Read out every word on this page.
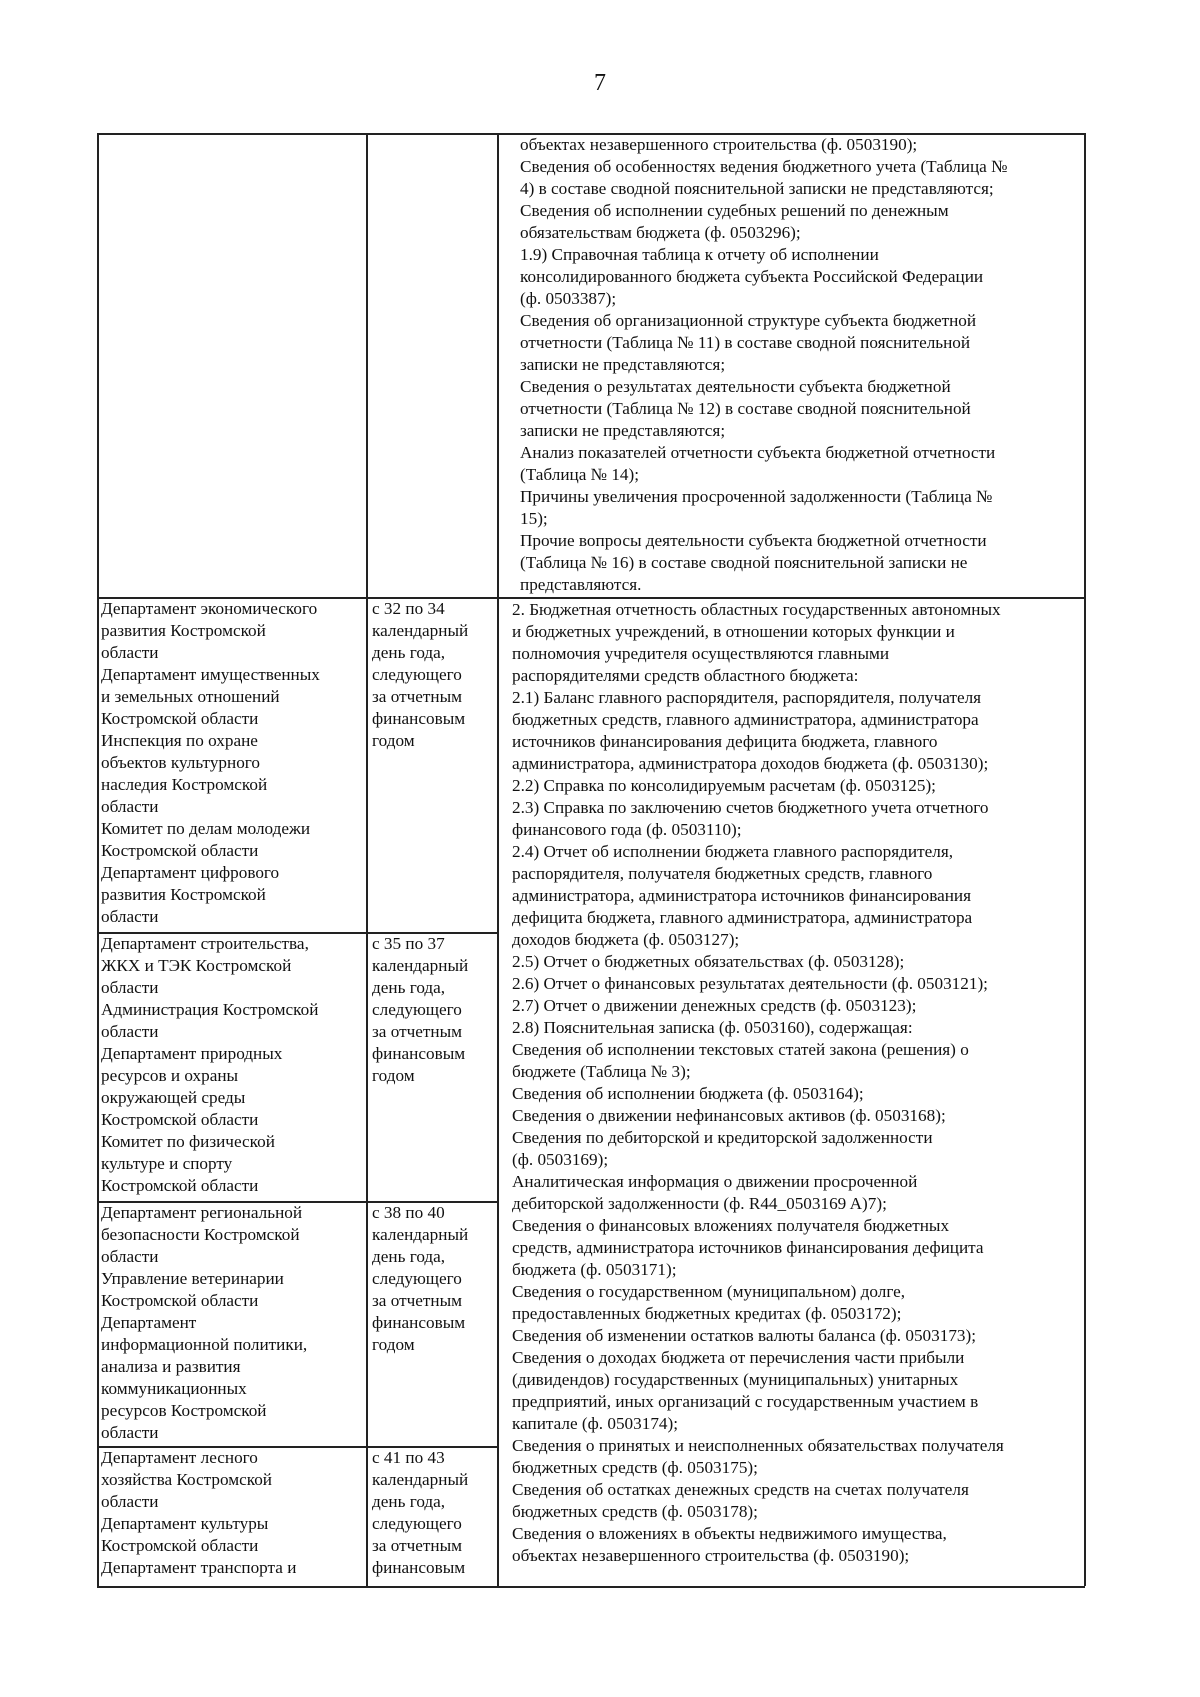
7
объектах незавершенного строительства (ф. 0503190);
Сведения об особенностях ведения бюджетного учета (Таблица №
4) в составе сводной пояснительной записки не представляются;
Сведения об исполнении судебных решений по денежным
обязательствам бюджета (ф. 0503296);
1.9) Справочная таблица к отчету об исполнении
консолидированного бюджета субъекта Российской Федерации
(ф. 0503387);
Сведения об организационной структуре субъекта бюджетной
отчетности (Таблица № 11) в составе сводной пояснительной
записки не представляются;
Сведения о результатах деятельности субъекта бюджетной
отчетности (Таблица № 12) в составе сводной пояснительной
записки не представляются;
Анализ показателей отчетности субъекта бюджетной отчетности
(Таблица № 14);
Причины увеличения просроченной задолженности (Таблица №
15);
Прочие вопросы деятельности субъекта бюджетной отчетности
(Таблица № 16) в составе сводной пояснительной записки не
представляются.
Департамент экономического
развития Костромской
области
Департамент имущественных
и земельных отношений
Костромской области
Инспекция по охране
объектов культурного
наследия Костромской
области
Комитет по делам молодежи
Костромской области
Департамент цифрового
развития Костромской
области
с 32 по 34
календарный
день года,
следующего
за отчетным
финансовым
годом
Департамент строительства,
ЖКХ и ТЭК Костромской
области
Администрация Костромской
области
Департамент природных
ресурсов и охраны
окружающей среды
Костромской области
Комитет по физической
культуре и спорту
Костромской области
с 35 по 37
календарный
день года,
следующего
за отчетным
финансовым
годом
Департамент региональной
безопасности Костромской
области
Управление ветеринарии
Костромской области
Департамент
информационной политики,
анализа и развития
коммуникационных
ресурсов Костромской
области
с 38 по 40
календарный
день года,
следующего
за отчетным
финансовым
годом
Департамент лесного
хозяйства Костромской
области
Департамент культуры
Костромской области
Департамент транспорта и
с 41 по 43
календарный
день года,
следующего
за отчетным
финансовым
2. Бюджетная отчетность областных государственных автономных
и бюджетных учреждений, в отношении которых функции и
полномочия учредителя осуществляются главными
распорядителями средств областного бюджета:
2.1) Баланс главного распорядителя, распорядителя, получателя
бюджетных средств, главного администратора, администратора
источников финансирования дефицита бюджета, главного
администратора, администратора доходов бюджета (ф. 0503130);
2.2) Справка по консолидируемым расчетам (ф. 0503125);
2.3) Справка по заключению счетов бюджетного учета отчетного
финансового года (ф. 0503110);
2.4) Отчет об исполнении бюджета главного распорядителя,
распорядителя, получателя бюджетных средств, главного
администратора, администратора источников финансирования
дефицита бюджета, главного администратора, администратора
доходов бюджета (ф. 0503127);
2.5) Отчет о бюджетных обязательствах (ф. 0503128);
2.6) Отчет о финансовых результатах деятельности (ф. 0503121);
2.7) Отчет о движении денежных средств (ф. 0503123);
2.8) Пояснительная записка (ф. 0503160), содержащая:
Сведения об исполнении текстовых статей закона (решения) о
бюджете (Таблица № 3);
Сведения об исполнении бюджета (ф. 0503164);
Сведения о движении нефинансовых активов (ф. 0503168);
Сведения по дебиторской и кредиторской задолженности
(ф. 0503169);
Аналитическая информация о движении просроченной
дебиторской задолженности (ф. R44_0503169 A)7);
Сведения о финансовых вложениях получателя бюджетных
средств, администратора источников финансирования дефицита
бюджета (ф. 0503171);
Сведения о государственном (муниципальном) долге,
предоставленных бюджетных кредитах (ф. 0503172);
Сведения об изменении остатков валюты баланса (ф. 0503173);
Сведения о доходах бюджета от перечисления части прибыли
(дивидендов) государственных (муниципальных) унитарных
предприятий, иных организаций с государственным участием в
капитале (ф. 0503174);
Сведения о принятых и неисполненных обязательствах получателя
бюджетных средств (ф. 0503175);
Сведения об остатках денежных средств на счетах получателя
бюджетных средств (ф. 0503178);
Сведения о вложениях в объекты недвижимого имущества,
объектах незавершенного строительства (ф. 0503190);
